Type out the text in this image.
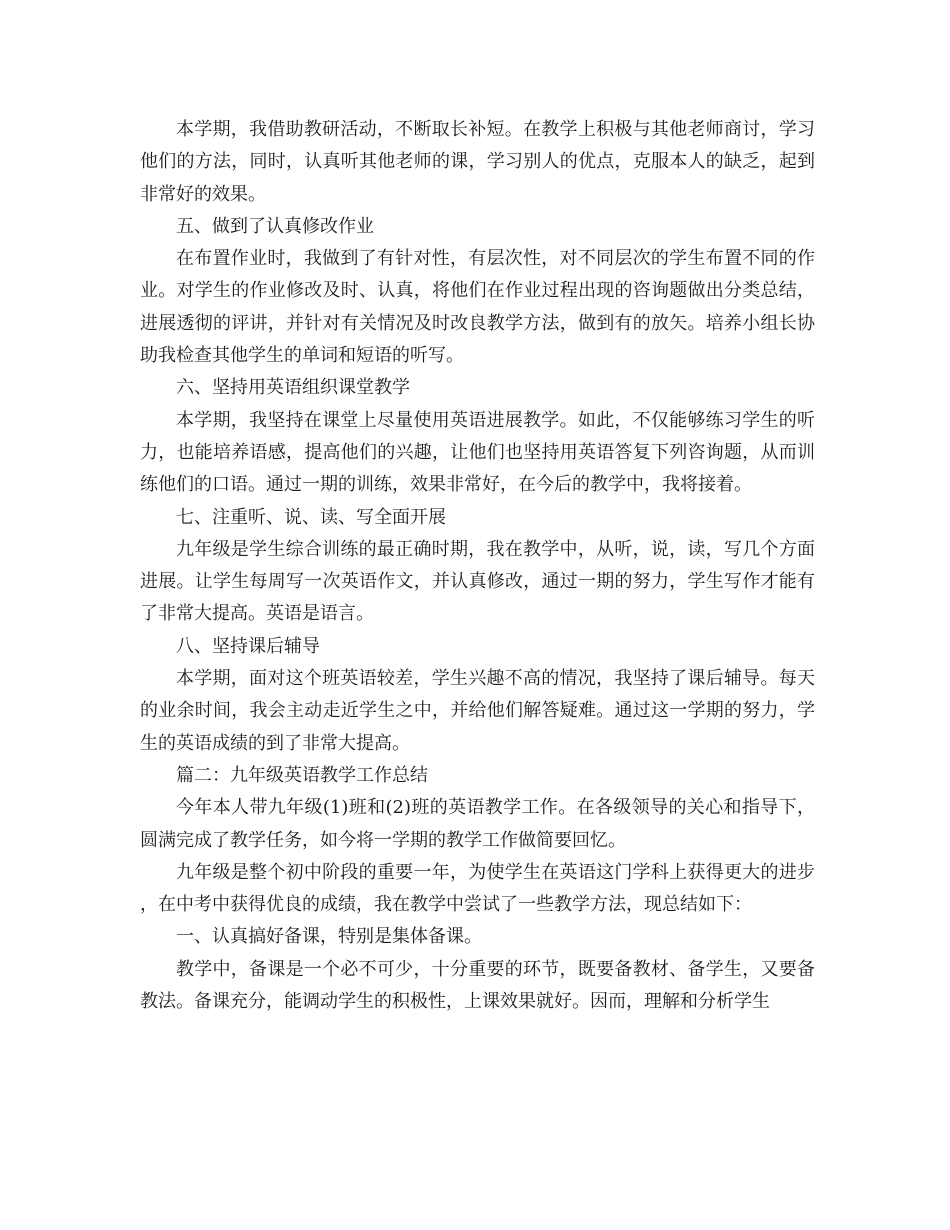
本学期，我借助教研活动，不断取长补短。在教学上积极与其他老师商讨，学习他们的方法，同时，认真听其他老师的课，学习别人的优点，克服本人的缺乏，起到非常好的效果。

五、做到了认真修改作业

在布置作业时，我做到了有针对性，有层次性，对不同层次的学生布置不同的作业。对学生的作业修改及时、认真，将他们在作业过程出现的咨询题做出分类总结，进展透彻的评讲，并针对有关情况及时改良教学方法，做到有的放矢。培养小组长协助我检查其他学生的单词和短语的听写。

六、坚持用英语组织课堂教学

本学期，我坚持在课堂上尽量使用英语进展教学。如此，不仅能够练习学生的听力，也能培养语感，提高他们的兴趣，让他们也坚持用英语答复下列咨询题，从而训练他们的口语。通过一期的训练，效果非常好，在今后的教学中，我将接着。

七、注重听、说、读、写全面开展

九年级是学生综合训练的最正确时期，我在教学中，从听，说，读，写几个方面进展。让学生每周写一次英语作文，并认真修改，通过一期的努力，学生写作才能有了非常大提高。英语是语言。

八、坚持课后辅导

本学期，面对这个班英语较差，学生兴趣不高的情况，我坚持了课后辅导。每天的业余时间，我会主动走近学生之中，并给他们解答疑难。通过这一学期的努力，学生的英语成绩的到了非常大提高。

篇二：九年级英语教学工作总结

今年本人带九年级(1)班和(2)班的英语教学工作。在各级领导的关心和指导下，圆满完成了教学任务，如今将一学期的教学工作做简要回忆。

九年级是整个初中阶段的重要一年，为使学生在英语这门学科上获得更大的进步，在中考中获得优良的成绩，我在教学中尝试了一些教学方法，现总结如下：

一、认真搞好备课，特别是集体备课。

教学中，备课是一个必不可少，十分重要的环节，既要备教材、备学生，又要备教法。备课充分，能调动学生的积极性，上课效果就好。因而，理解和分析学生
